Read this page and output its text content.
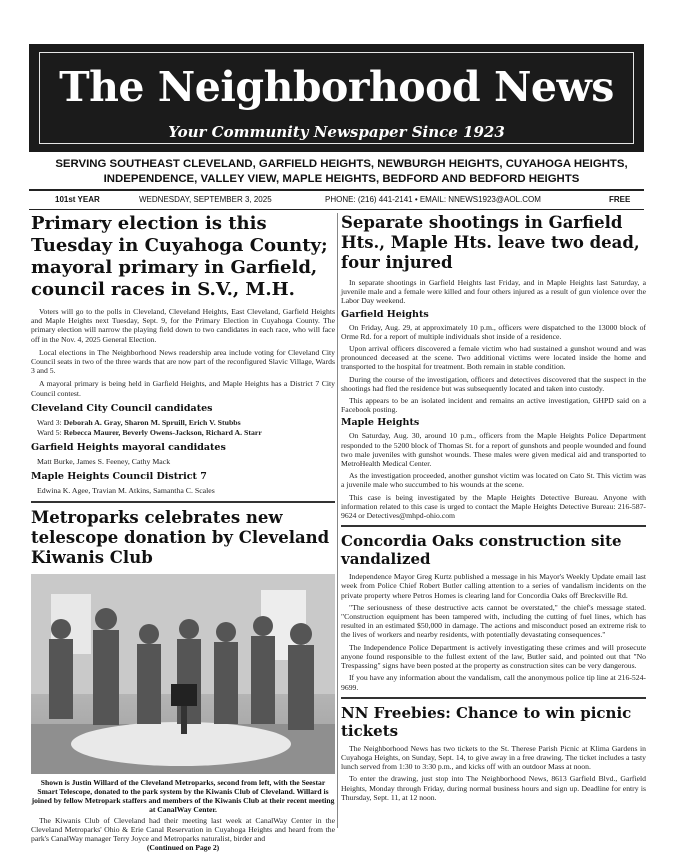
The Neighborhood News
Your Community Newspaper Since 1923
SERVING SOUTHEAST CLEVELAND, GARFIELD HEIGHTS, NEWBURGH HEIGHTS, CUYAHOGA HEIGHTS,
INDEPENDENCE, VALLEY VIEW, MAPLE HEIGHTS, BEDFORD AND BEDFORD HEIGHTS
101st YEAR	WEDNESDAY, SEPTEMBER 3, 2025	PHONE: (216) 441-2141 • EMAIL: NNEWS1923@AOL.COM	FREE
Primary election is this Tuesday in Cuyahoga County; mayoral primary in Garfield, council races in S.V., M.H.

Voters will go to the polls in Cleveland, Cleveland Heights, East Cleveland, Garfield Heights and Maple Heights next Tuesday, Sept. 9, for the Primary Election in Cuyahoga County. The primary election will narrow the playing field down to two candidates in each race, who will face off in the Nov. 4, 2025 General Election.

Local elections in The Neighborhood News readership area include voting for Cleveland City Council seats in two of the three wards that are now part of the reconfigured Slavic Village, Wards 3 and 5.

A mayoral primary is being held in Garfield Heights, and Maple Heights has a District 7 City Council contest.

Cleveland City Council candidates

Ward 3: Deborah A. Gray, Sharon M. Spruill, Erich V. Stubbs

Ward 5: Rebecca Maurer, Beverly Owens-Jackson, Richard A. Starr

Garfield Heights mayoral candidates

Matt Burke, James S. Feeney, Cathy Mack

Maple Heights Council District 7

Edwina K. Agee, Travian M. Atkins, Samantha C. Scales

Metroparks celebrates new telescope donation by Cleveland Kiwanis Club

Shown is Justin Willard of the Cleveland Metroparks, second from left, with the Seestar Smart Telescope, donated to the park system by the Kiwanis Club of Cleveland. Willard is joined by fellow Metropark staffers and members of the Kiwanis Club at their recent meeting at CanalWay Center.

The Kiwanis Club of Cleveland had their meeting last week at CanalWay Center in the Cleveland Metroparks' Ohio & Erie Canal Reservation in Cuyahoga Heights and heard from the park's CanalWay manager Terry Joyce and Metroparks naturalist, birder and

(Continued on Page 2)

Separate shootings in Garfield Hts., Maple Hts. leave two dead, four injured

In separate shootings in Garfield Heights last Friday, and in Maple Heights last Saturday, a juvenile male and a female were killed and four others injured as a result of gun violence over the Labor Day weekend.

Garfield Heights

On Friday, Aug. 29, at approximately 10 p.m., officers were dispatched to the 13000 block of Orme Rd. for a report of multiple individuals shot inside of a residence.

Upon arrival officers discovered a female victim who had sustained a gunshot wound and was pronounced deceased at the scene. Two additional victims were located inside the home and transported to the hospital for treatment. Both remain in stable condition.

During the course of the investigation, officers and detectives discovered that the suspect in the shootings had fled the residence but was subsequently located and taken into custody.

This appears to be an isolated incident and remains an active investigation, GHPD said on a Facebook posting.

Maple Heights

On Saturday, Aug. 30, around 10 p.m., officers from the Maple Heights Police Department responded to the 5200 block of Thomas St. for a report of gunshots and people wounded and found two male juveniles with gunshot wounds. These males were given medical aid and transported to MetroHealth Medical Center.

As the investigation proceeded, another gunshot victim was located on Cato St. This victim was a juvenile male who succumbed to his wounds at the scene.

This case is being investigated by the Maple Heights Detective Bureau. Anyone with information related to this case is urged to contact the Maple Heights Detective Bureau: 216-587-9624 or Detectives@mhpd-ohio.com

Concordia Oaks construction site vandalized

Independence Mayor Greg Kurtz published a message in his Mayor's Weekly Update email last week from Police Chief Robert Butler calling attention to a series of vandalism incidents on the private property where Petros Homes is clearing land for Concordia Oaks off Brecksville Rd.

"The seriousness of these destructive acts cannot be overstated," the chief's message stated. "Construction equipment has been tampered with, including the cutting of fuel lines, which has resulted in an estimated $50,000 in damage. The actions and misconduct posed an extreme risk to the lives of workers and nearby residents, with potentially devastating consequences."

The Independence Police Department is actively investigating these crimes and will prosecute anyone found responsible to the fullest extent of the law, Butler said, and pointed out that "No Trespassing" signs have been posted at the property as construction sites can be very dangerous.

If you have any information about the vandalism, call the anonymous police tip line at 216-524-9699.

NN Freebies: Chance to win picnic tickets

The Neighborhood News has two tickets to the St. Therese Parish Picnic at Klima Gardens in Cuyahoga Heights, on Sunday, Sept. 14, to give away in a free drawing. The ticket includes a tasty lunch served from 1:30 to 3:30 p.m., and kicks off with an outdoor Mass at noon.

To enter the drawing, just stop into The Neighborhood News, 8613 Garfield Blvd., Garfield Heights, Monday through Friday, during normal business hours and sign up. Deadline for entry is Thursday, Sept. 11, at 12 noon.
